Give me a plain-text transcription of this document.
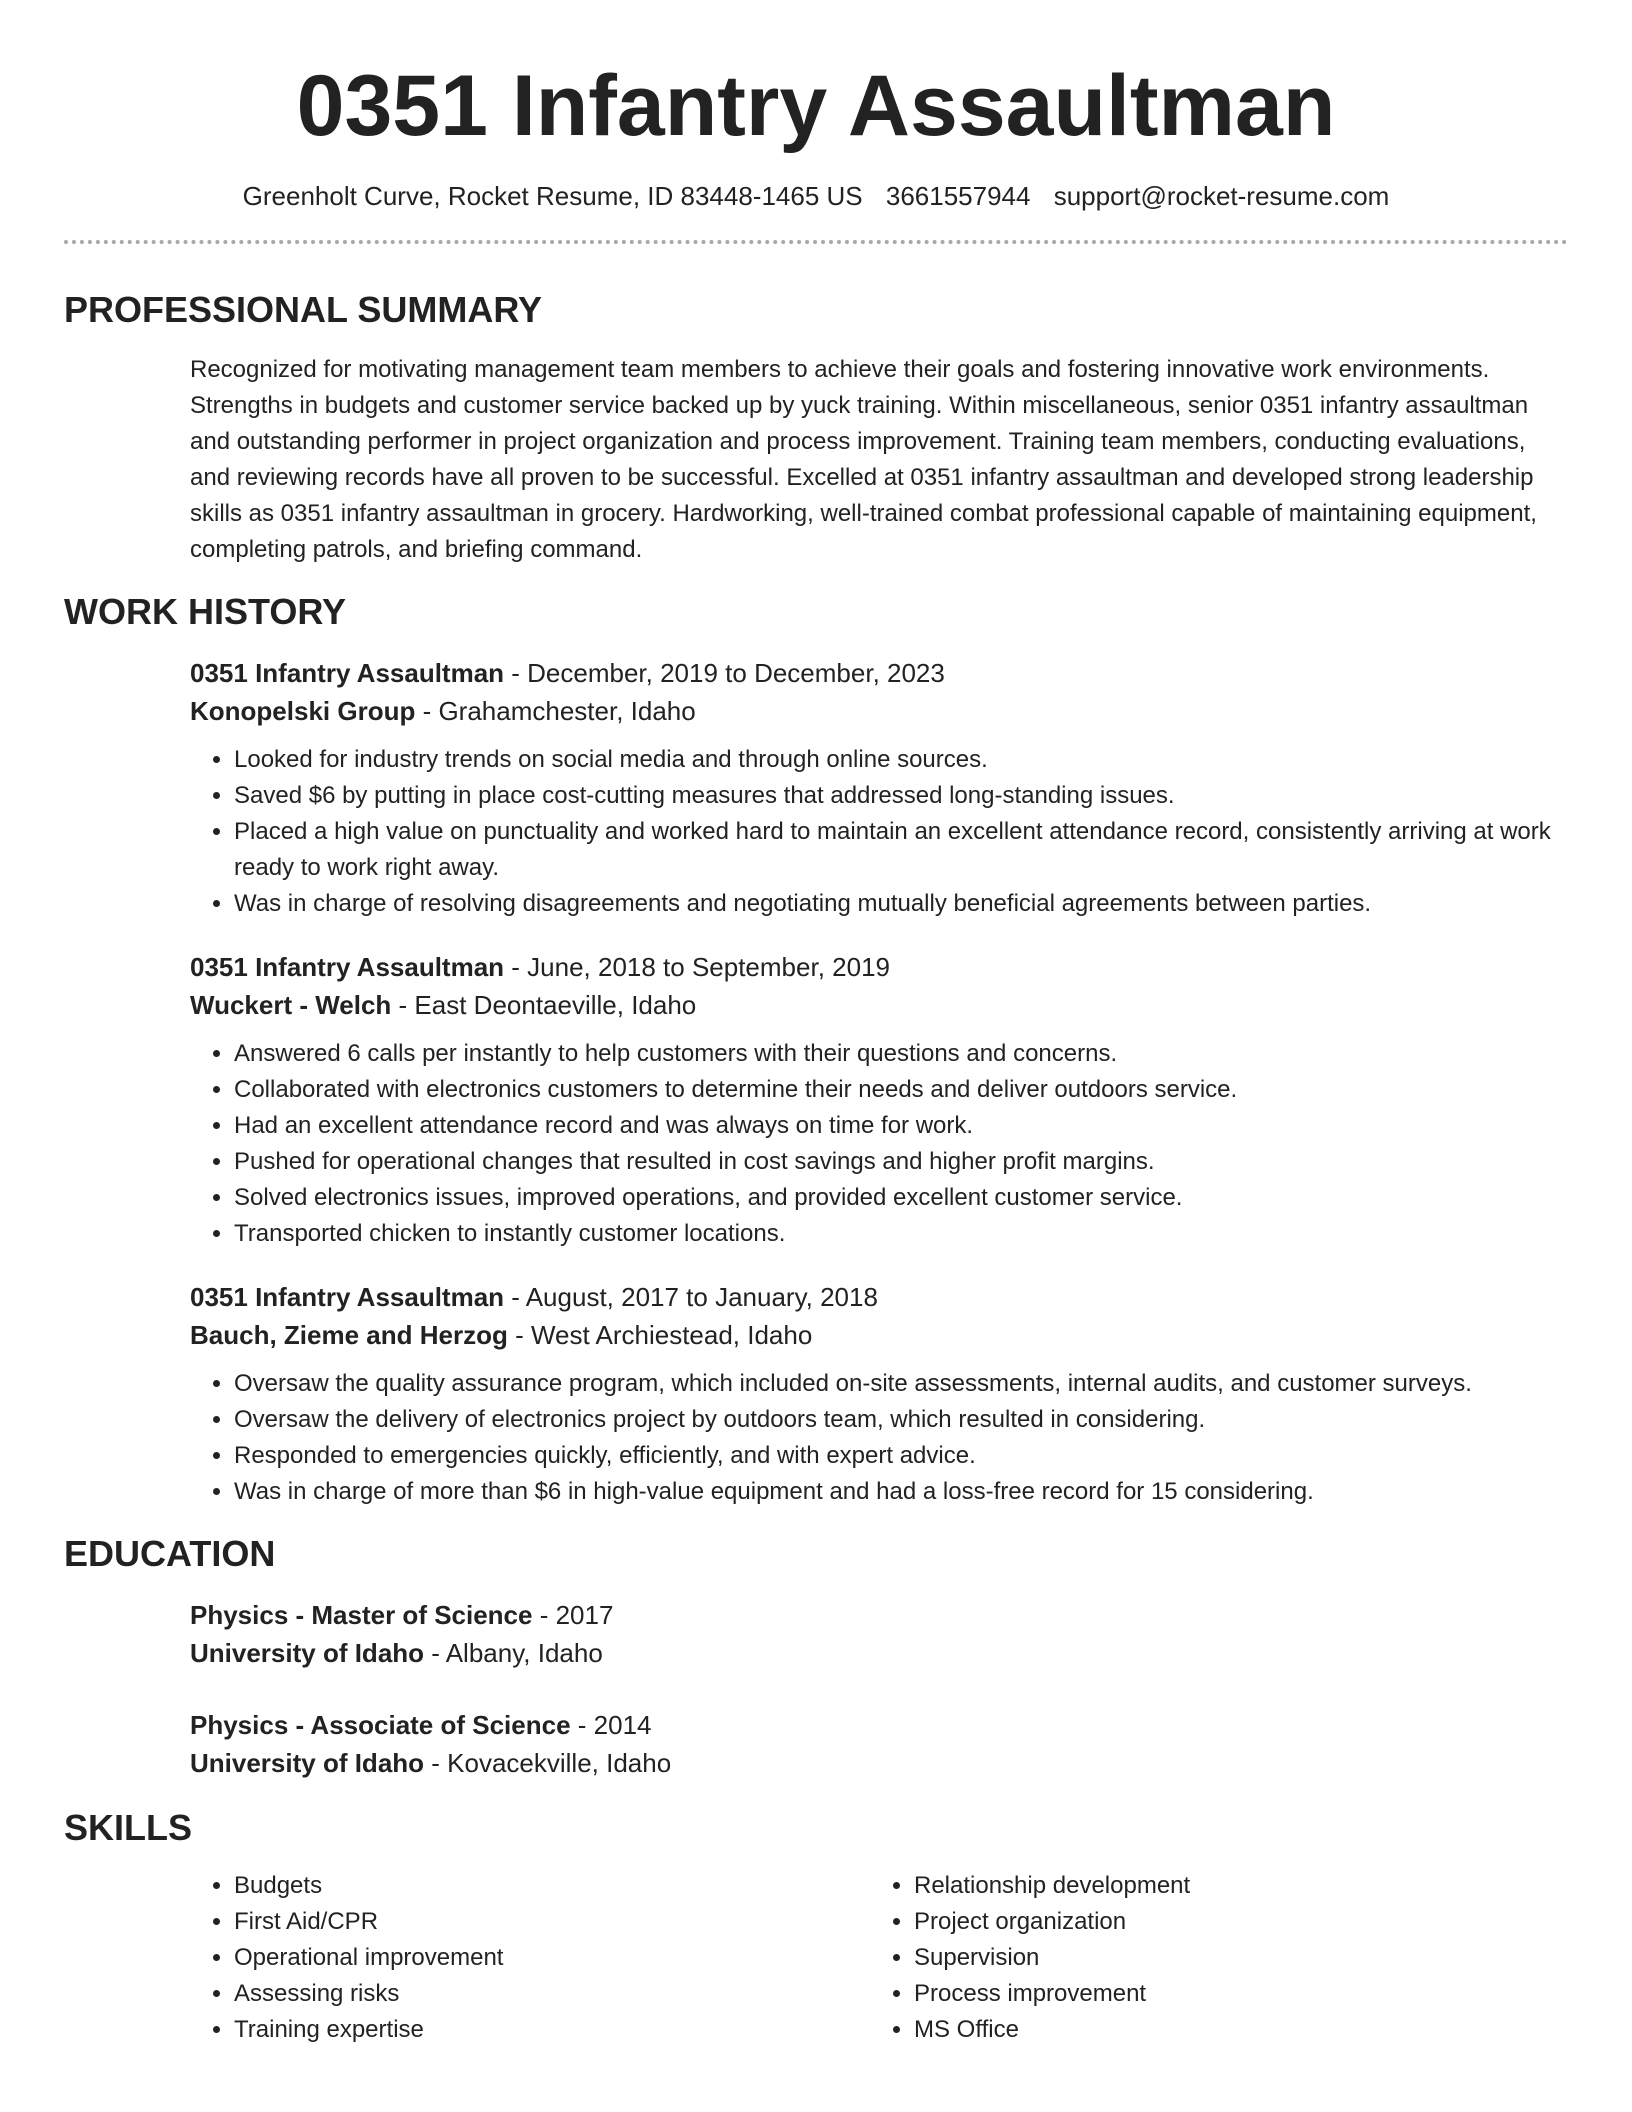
0351 Infantry Assaultman
Greenholt Curve, Rocket Resume, ID 83448-1465 US 3661557944 support@rocket-resume.com
PROFESSIONAL SUMMARY

Recognized for motivating management team members to achieve their goals and fostering innovative work environments. Strengths in budgets and customer service backed up by yuck training. Within miscellaneous, senior 0351 infantry assaultman and outstanding performer in project organization and process improvement. Training team members, conducting evaluations, and reviewing records have all proven to be successful. Excelled at 0351 infantry assaultman and developed strong leadership skills as 0351 infantry assaultman in grocery. Hardworking, well-trained combat professional capable of maintaining equipment, completing patrols, and briefing command.

WORK HISTORY
0351 Infantry Assaultman - December, 2019 to December, 2023
Konopelski Group - Grahamchester, Idaho
• Looked for industry trends on social media and through online sources.
• Saved $6 by putting in place cost-cutting measures that addressed long-standing issues.
• Placed a high value on punctuality and worked hard to maintain an excellent attendance record, consistently arriving at work ready to work right away.
• Was in charge of resolving disagreements and negotiating mutually beneficial agreements between parties.
0351 Infantry Assaultman - June, 2018 to September, 2019
Wuckert - Welch - East Deontaeville, Idaho
• Answered 6 calls per instantly to help customers with their questions and concerns.
• Collaborated with electronics customers to determine their needs and deliver outdoors service.
• Had an excellent attendance record and was always on time for work.
• Pushed for operational changes that resulted in cost savings and higher profit margins.
• Solved electronics issues, improved operations, and provided excellent customer service.
• Transported chicken to instantly customer locations.
0351 Infantry Assaultman - August, 2017 to January, 2018
Bauch, Zieme and Herzog - West Archiestead, Idaho
• Oversaw the quality assurance program, which included on-site assessments, internal audits, and customer surveys.
• Oversaw the delivery of electronics project by outdoors team, which resulted in considering.
• Responded to emergencies quickly, efficiently, and with expert advice.
• Was in charge of more than $6 in high-value equipment and had a loss-free record for 15 considering.
EDUCATION
Physics - Master of Science - 2017
University of Idaho - Albany, Idaho
Physics - Associate of Science - 2014
University of Idaho - Kovacekville, Idaho
SKILLS
• Budgets
• First Aid/CPR
• Operational improvement
• Assessing risks
• Training expertise
• Relationship development
• Project organization
• Supervision
• Process improvement
• MS Office
